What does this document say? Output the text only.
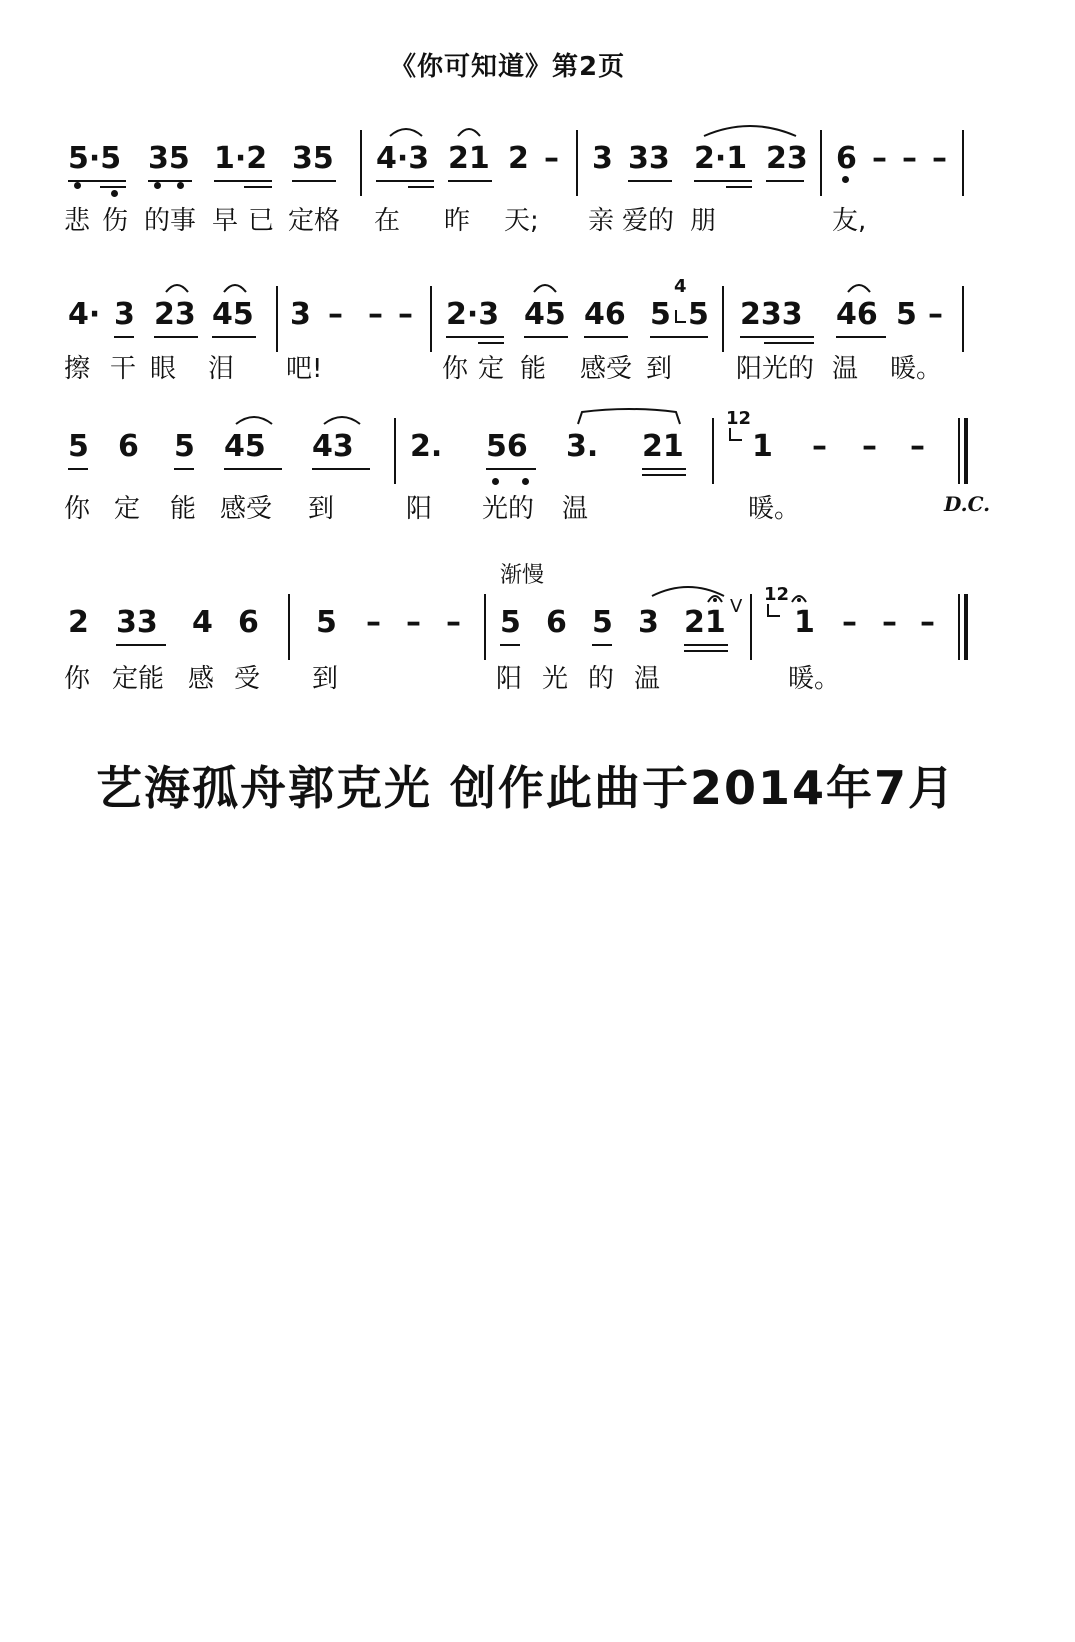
《你可知道》第2页
5·5 35 1·2 35 4·3 21 2 – 3 33 2·1 23 6 – – –
悲 伤 的事 早 已 定格 在 昨 天; 亲 爱的 朋	友,
4· 3 23 45 3 – – – 2·3 45 46 5 5 233 46 5 –
4
擦 干 眼 泪 吧!	你 定 能 感受 到 阳光的 温 暖。
5 6 5 45 43 2. 56 3. 21 1 – – –
12
D.C.
你 定 能 感受 到	阳 光的 温	暖。
渐慢
2 33 4 6 5 – – – 5 6 5 3 21 1 – – –
V
12
你 定能 感 受 到	阳 光 的 温	暖。
艺海孤舟郭克光 创作此曲于2014年7月
